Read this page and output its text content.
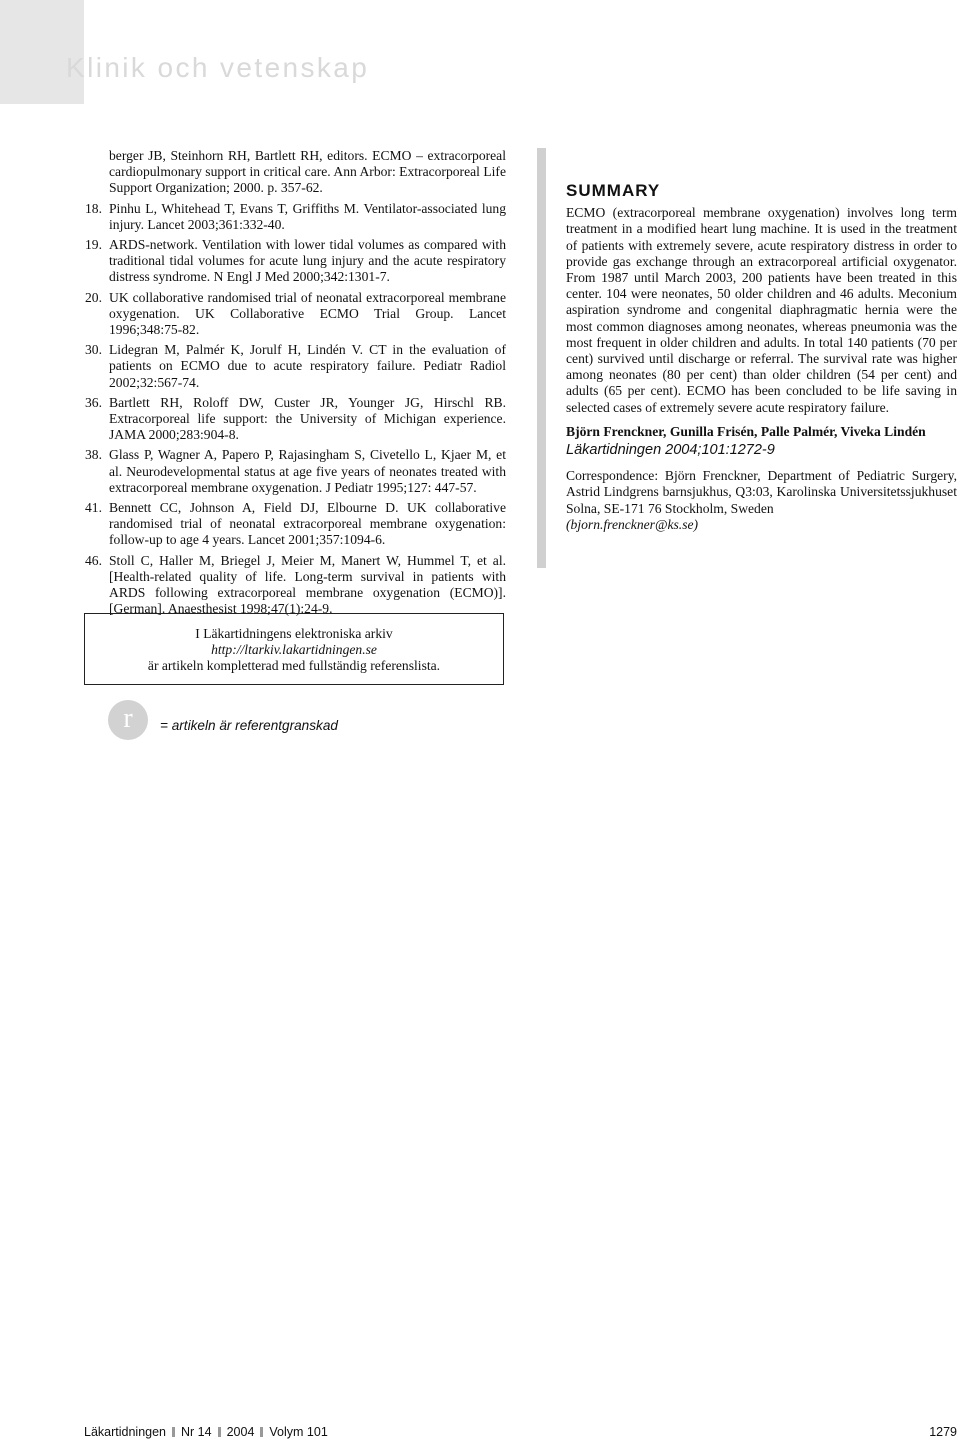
Klinik och vetenskap
berger JB, Steinhorn RH, Bartlett RH, editors. ECMO – extracorporeal cardiopulmonary support in critical care. Ann Arbor: Extracorporeal Life Support Organization; 2000. p. 357-62.
18. Pinhu L, Whitehead T, Evans T, Griffiths M. Ventilator-associated lung injury. Lancet 2003;361:332-40.
19. ARDS-network. Ventilation with lower tidal volumes as compared with traditional tidal volumes for acute lung injury and the acute respiratory distress syndrome. N Engl J Med 2000;342:1301-7.
20. UK collaborative randomised trial of neonatal extracorporeal membrane oxygenation. UK Collaborative ECMO Trial Group. Lancet 1996;348:75-82.
30. Lidegran M, Palmér K, Jorulf H, Lindén V. CT in the evaluation of patients on ECMO due to acute respiratory failure. Pediatr Radiol 2002;32:567-74.
36. Bartlett RH, Roloff DW, Custer JR, Younger JG, Hirschl RB. Extracorporeal life support: the University of Michigan experience. JAMA 2000;283:904-8.
38. Glass P, Wagner A, Papero P, Rajasingham S, Civetello L, Kjaer M, et al. Neurodevelopmental status at age five years of neonates treated with extracorporeal membrane oxygenation. J Pediatr 1995;127: 447-57.
41. Bennett CC, Johnson A, Field DJ, Elbourne D. UK collaborative randomised trial of neonatal extracorporeal membrane oxygenation: follow-up to age 4 years. Lancet 2001;357:1094-6.
46. Stoll C, Haller M, Briegel J, Meier M, Manert W, Hummel T, et al. [Health-related quality of life. Long-term survival in patients with ARDS following extracorporeal membrane oxygenation (ECMO)]. [German]. Anaesthesist 1998;47(1):24-9.
I Läkartidningens elektroniska arkiv
http://ltarkiv.lakartidningen.se
är artikeln kompletterad med fullständig referenslista.
r	= artikeln är referentgranskad
SUMMARY

ECMO (extracorporeal membrane oxygenation) involves long term treatment in a modified heart lung machine. It is used in the treatment of patients with extremely severe, acute respiratory distress in order to provide gas exchange through an extracorporeal artificial oxygenator. From 1987 until March 2003, 200 patients have been treated in this center. 104 were neonates, 50 older children and 46 adults. Meconium aspiration syndrome and congenital diaphragmatic hernia were the most common diagnoses among neonates, whereas pneumonia was the most frequent in older children and adults. In total 140 patients (70 per cent) survived until discharge or referral. The survival rate was higher among neonates (80 per cent) than older children (54 per cent) and adults (65 per cent). ECMO has been concluded to be life saving in selected cases of extremely severe acute respiratory failure.

Björn Frenckner, Gunilla Frisén, Palle Palmér, Viveka Lindén

Läkartidningen 2004;101:1272-9

Correspondence: Björn Frenckner, Department of Pediatric Surgery, Astrid Lindgrens barnsjukhus, Q3:03, Karolinska Universitetssjukhuset Solna, SE-171 76 Stockholm, Sweden
(bjorn.frenckner@ks.se)

Läkartidningen Nr 14 2004 Volym 101	1279
